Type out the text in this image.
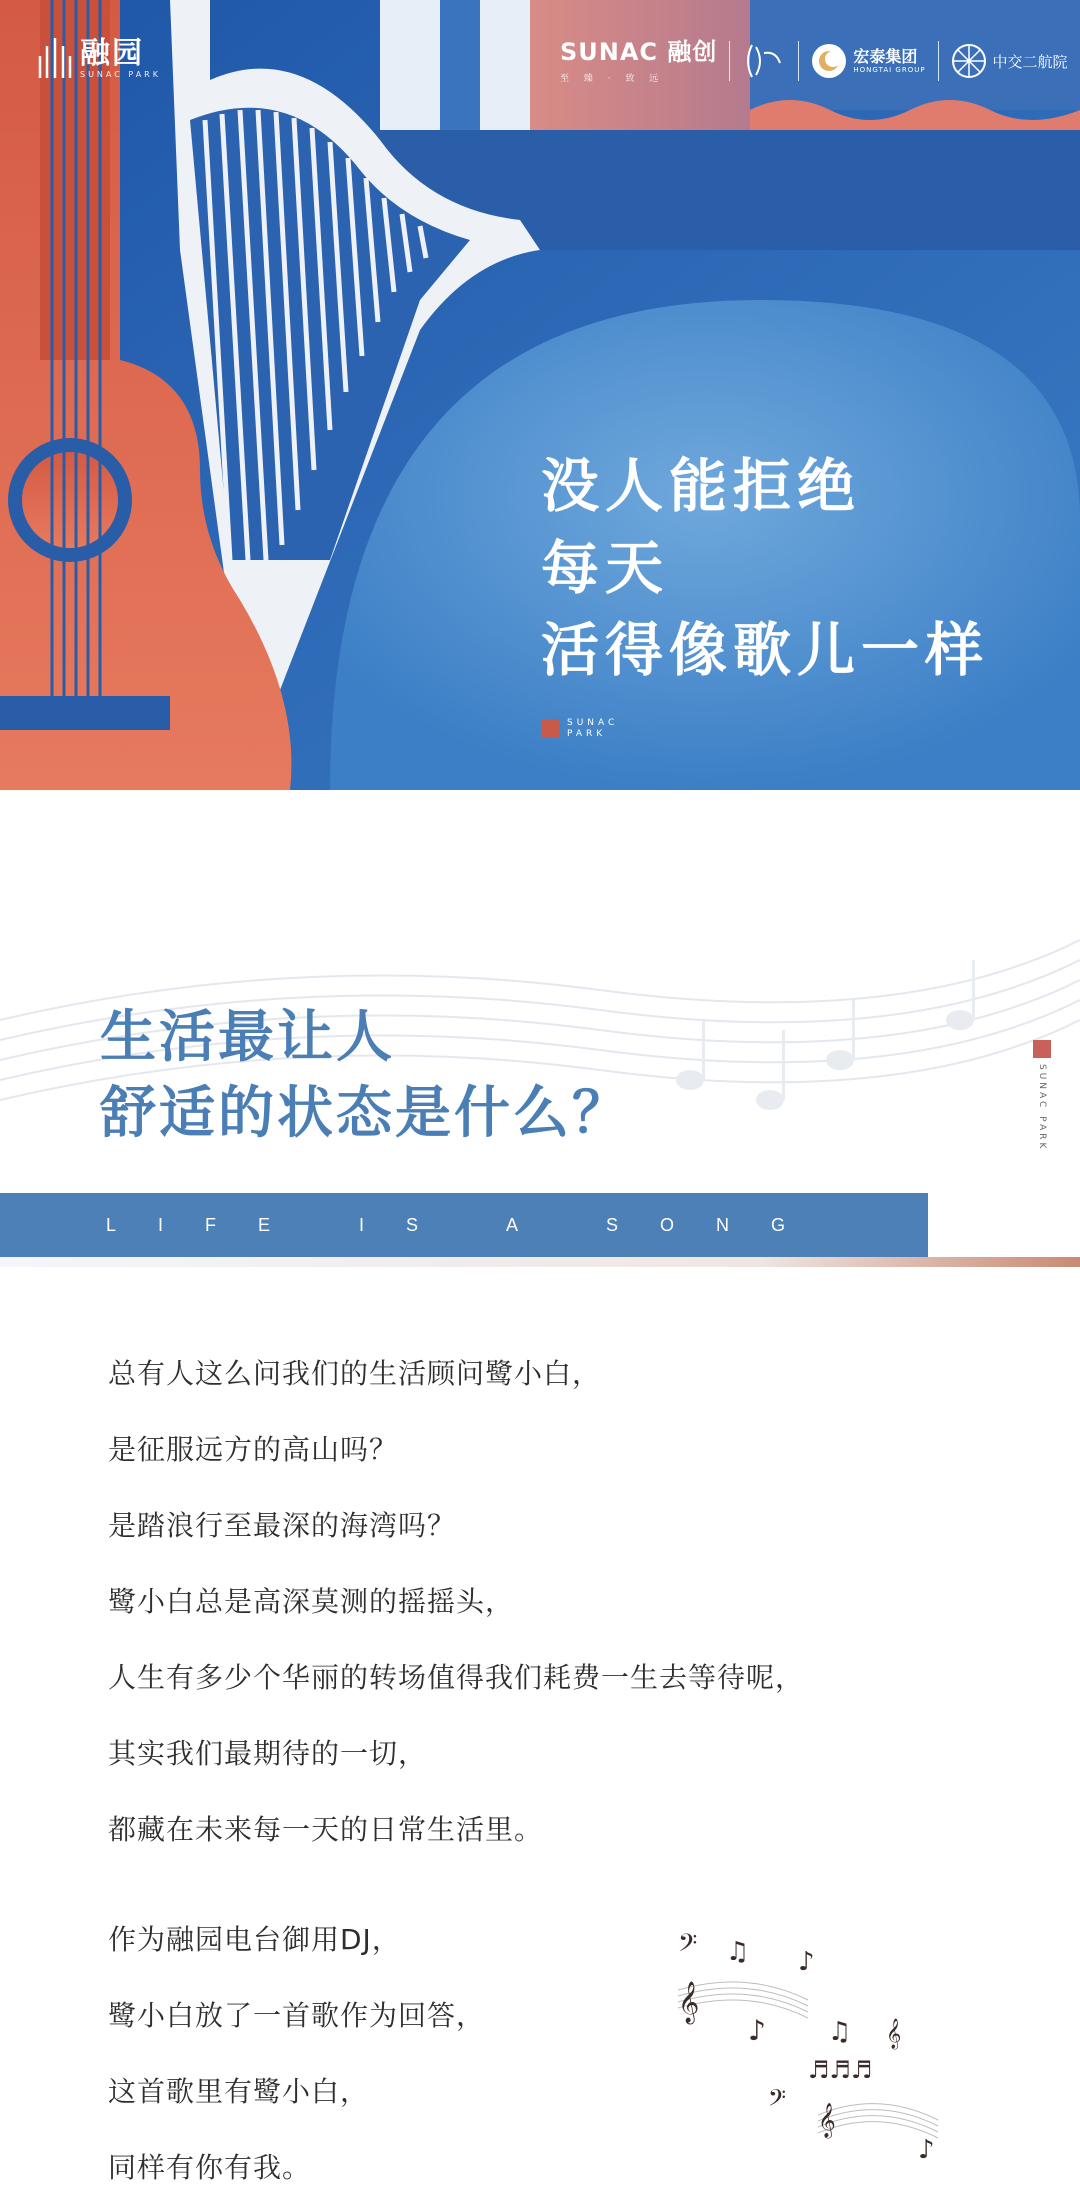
融园
SUNAC PARK
SUNAC 融创
至 臻 · 致 远
宏泰集团
HONGTAI GROUP	中交二航院
没人能拒绝
每天
活得像歌儿一样
SUNAC
PARK
生活最让人
舒适的状态是什么？	SUNAC PARK
LIFE IS A SONG

总有人这么问我们的生活顾问鹭小白，

是征服远方的高山吗？

是踏浪行至最深的海湾吗？

鹭小白总是高深莫测的摇摇头，

人生有多少个华丽的转场值得我们耗费一生去等待呢，

其实我们最期待的一切，

都藏在未来每一天的日常生活里。

作为融园电台御用DJ，

鹭小白放了一首歌作为回答，

这首歌里有鹭小白，

同样有你有我。

𝄢 ♫ ♪
𝄞
♪ ♫ 𝄞
♬♬♬
𝄢
𝄞
♪
